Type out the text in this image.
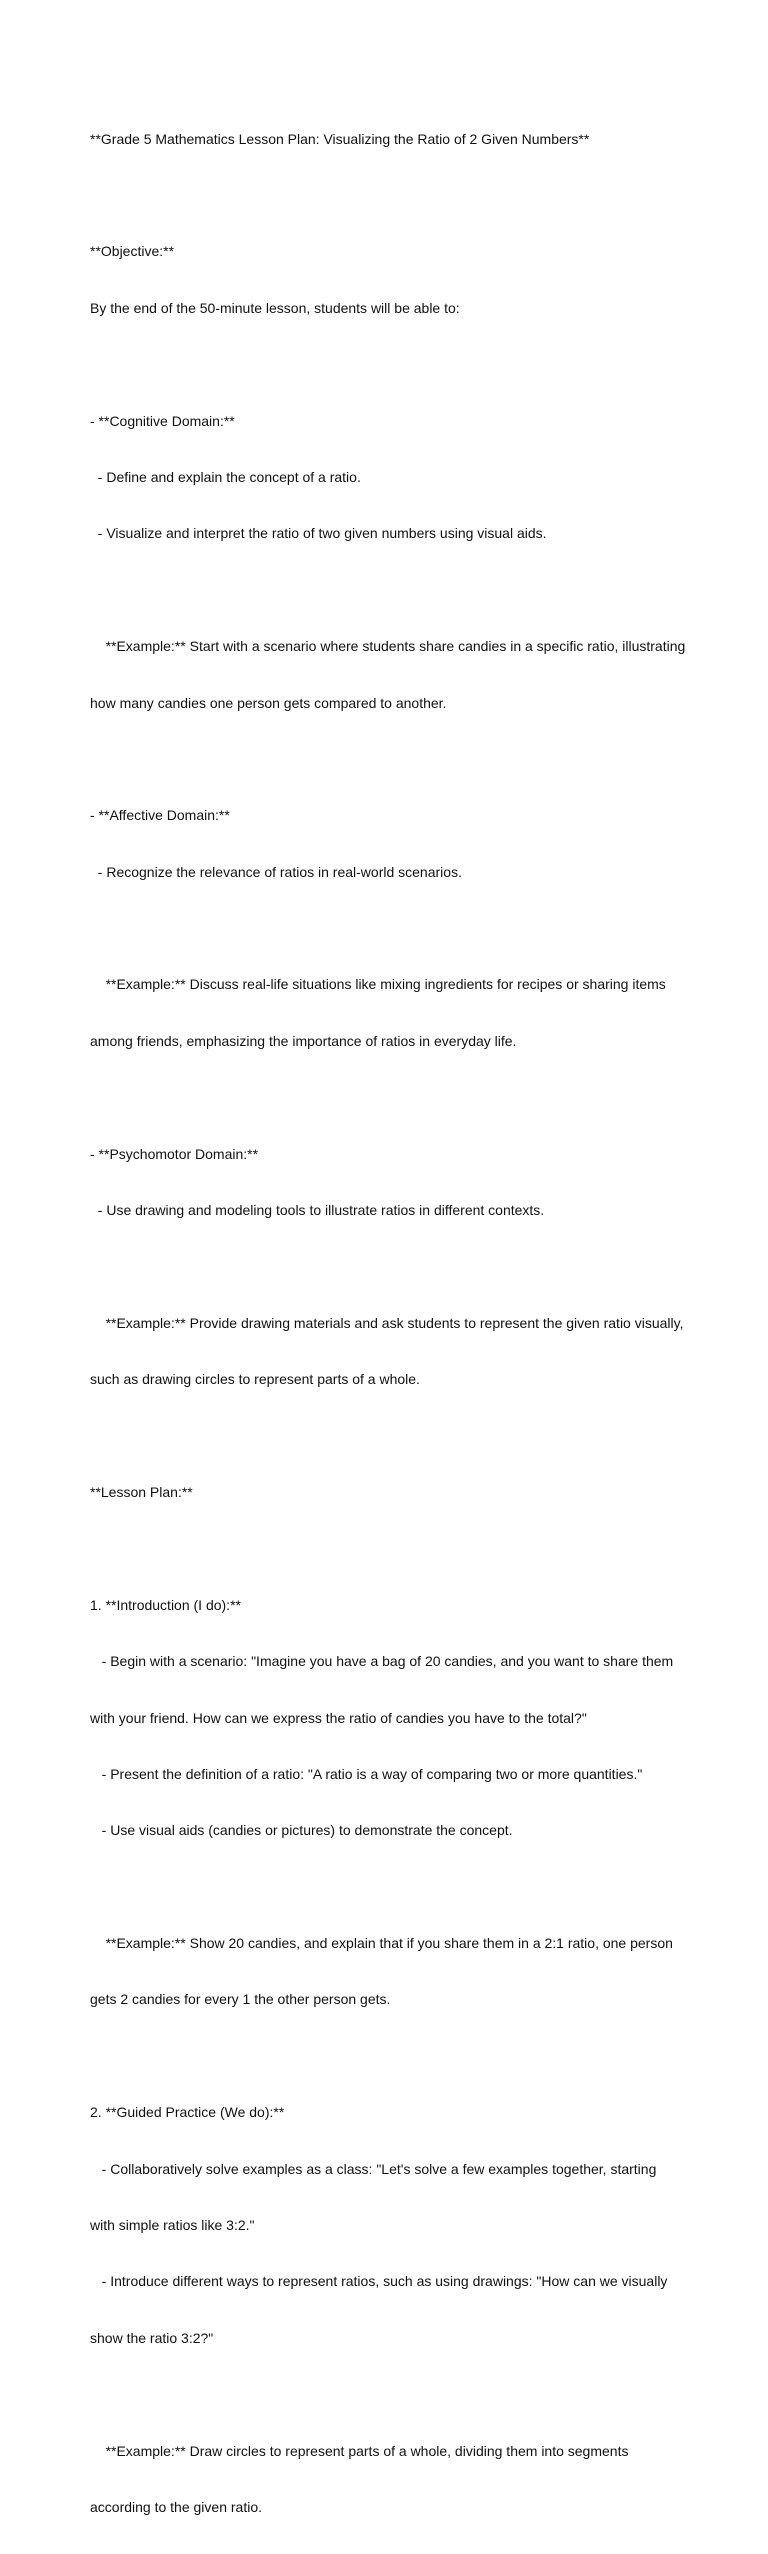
**Grade 5 Mathematics Lesson Plan: Visualizing the Ratio of 2 Given Numbers**

**Objective:**

By the end of the 50-minute lesson, students will be able to:

- **Cognitive Domain:**

- Define and explain the concept of a ratio.

- Visualize and interpret the ratio of two given numbers using visual aids.

**Example:** Start with a scenario where students share candies in a specific ratio, illustrating

how many candies one person gets compared to another.

- **Affective Domain:**

- Recognize the relevance of ratios in real-world scenarios.

**Example:** Discuss real-life situations like mixing ingredients for recipes or sharing items

among friends, emphasizing the importance of ratios in everyday life.

- **Psychomotor Domain:**

- Use drawing and modeling tools to illustrate ratios in different contexts.

**Example:** Provide drawing materials and ask students to represent the given ratio visually,

such as drawing circles to represent parts of a whole.

**Lesson Plan:**

1. **Introduction (I do):**

- Begin with a scenario: "Imagine you have a bag of 20 candies, and you want to share them

with your friend. How can we express the ratio of candies you have to the total?"

- Present the definition of a ratio: "A ratio is a way of comparing two or more quantities."

- Use visual aids (candies or pictures) to demonstrate the concept.

**Example:** Show 20 candies, and explain that if you share them in a 2:1 ratio, one person

gets 2 candies for every 1 the other person gets.

2. **Guided Practice (We do):**

- Collaboratively solve examples as a class: "Let's solve a few examples together, starting

with simple ratios like 3:2."

- Introduce different ways to represent ratios, such as using drawings: "How can we visually

show the ratio 3:2?"

**Example:** Draw circles to represent parts of a whole, dividing them into segments

according to the given ratio.
